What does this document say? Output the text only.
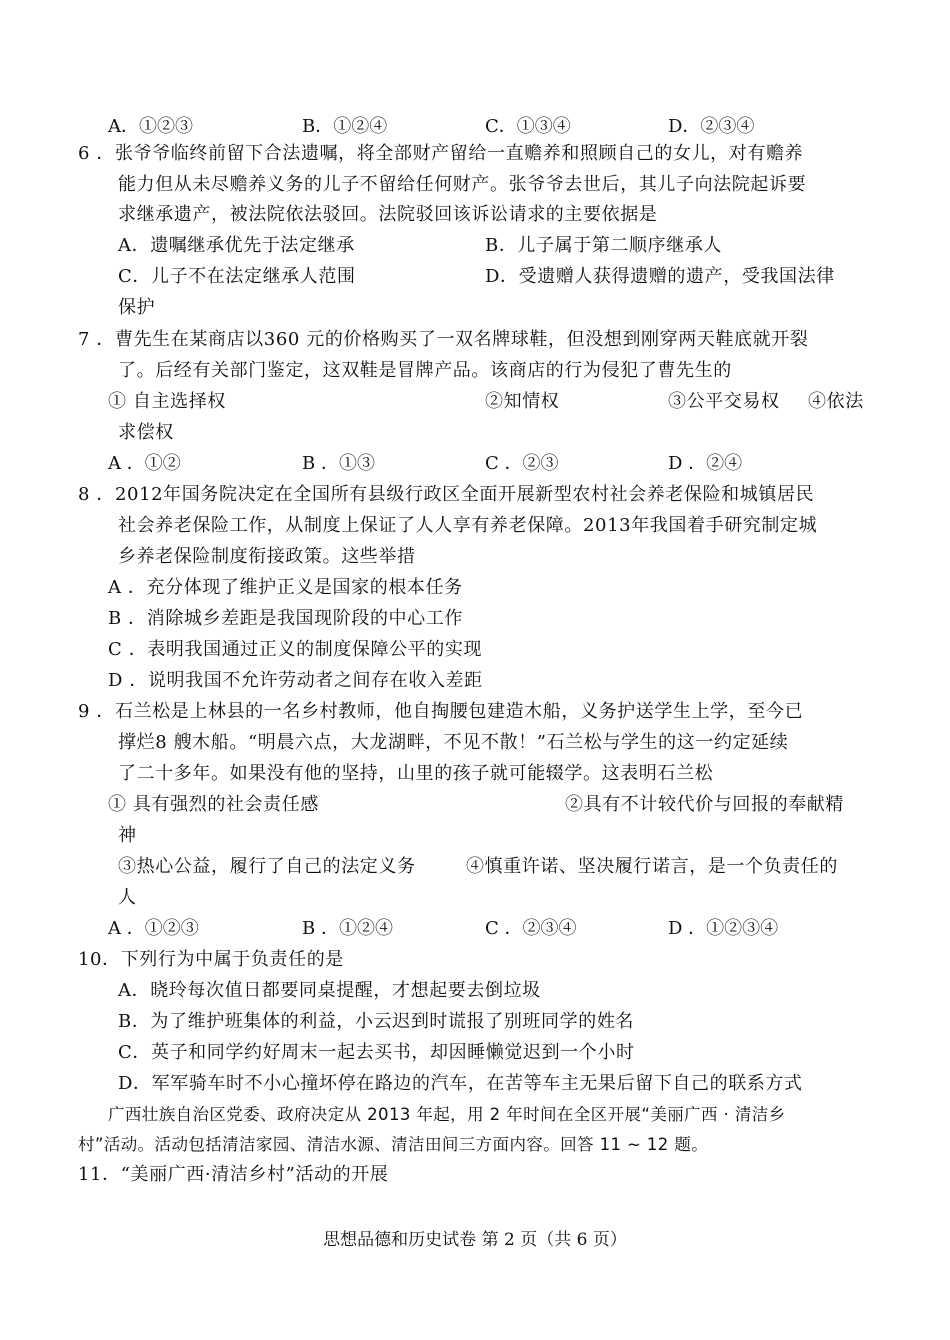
A．①②③	B．①②④	C．①③④	D．②③④
6 ．张爷爷临终前留下合法遗嘱，将全部财产留给一直赡养和照顾自己的女儿，对有赡养
能力但从未尽赡养义务的儿子不留给任何财产。张爷爷去世后，其儿子向法院起诉要
求继承遗产，被法院依法驳回。法院驳回该诉讼请求的主要依据是
A．遗嘱继承优先于法定继承	B．儿子属于第二顺序继承人
C．儿子不在法定继承人范围	D．受遗赠人获得遗赠的遗产，受我国法律
保护
7 ．曹先生在某商店以360 元的价格购买了一双名牌球鞋，但没想到刚穿两天鞋底就开裂
了。后经有关部门鉴定，这双鞋是冒牌产品。该商店的行为侵犯了曹先生的
① 自主选择权	②知情权	③公平交易权 ④依法
求偿权
A ．①②	B ．①③	C ．②③	D ．②④
8 ．2012年国务院决定在全国所有县级行政区全面开展新型农村社会养老保险和城镇居民
社会养老保险工作，从制度上保证了人人享有养老保障。2013年我国着手研究制定城
乡养老保险制度衔接政策。这些举措
A ．充分体现了维护正义是国家的根本任务
B ．消除城乡差距是我国现阶段的中心工作
C ．表明我国通过正义的制度保障公平的实现
D ．说明我国不允许劳动者之间存在收入差距
9 ．石兰松是上林县的一名乡村教师，他自掏腰包建造木船，义务护送学生上学，至今已
撑烂8 艘木船。“明晨六点，大龙湖畔，不见不散！”石兰松与学生的这一约定延续
了二十多年。如果没有他的坚持，山里的孩子就可能辍学。这表明石兰松
① 具有强烈的社会责任感	②具有不计较代价与回报的奉献精
神
③热心公益，履行了自己的法定义务	④慎重许诺、坚决履行诺言，是一个负责任的
人
A ．①②③	B ．①②④	C ．②③④	D ．①②③④
10．下列行为中属于负责任的是
A．晓玲每次值日都要同桌提醒，才想起要去倒垃圾
B．为了维护班集体的利益，小云迟到时谎报了别班同学的姓名
C．英子和同学约好周末一起去买书，却因睡懒觉迟到一个小时
D．军军骑车时不小心撞坏停在路边的汽车，在苦等车主无果后留下自己的联系方式
广西壮族自治区党委、政府决定从 2013 年起，用 2 年时间在全区开展“美丽广西 · 清洁乡
村”活动。活动包括清洁家园、清洁水源、清洁田间三方面内容。回答 11 ~ 12 题。
11．“美丽广西·清洁乡村”活动的开展
思想品德和历史试卷 第 2 页（共 6 页）
